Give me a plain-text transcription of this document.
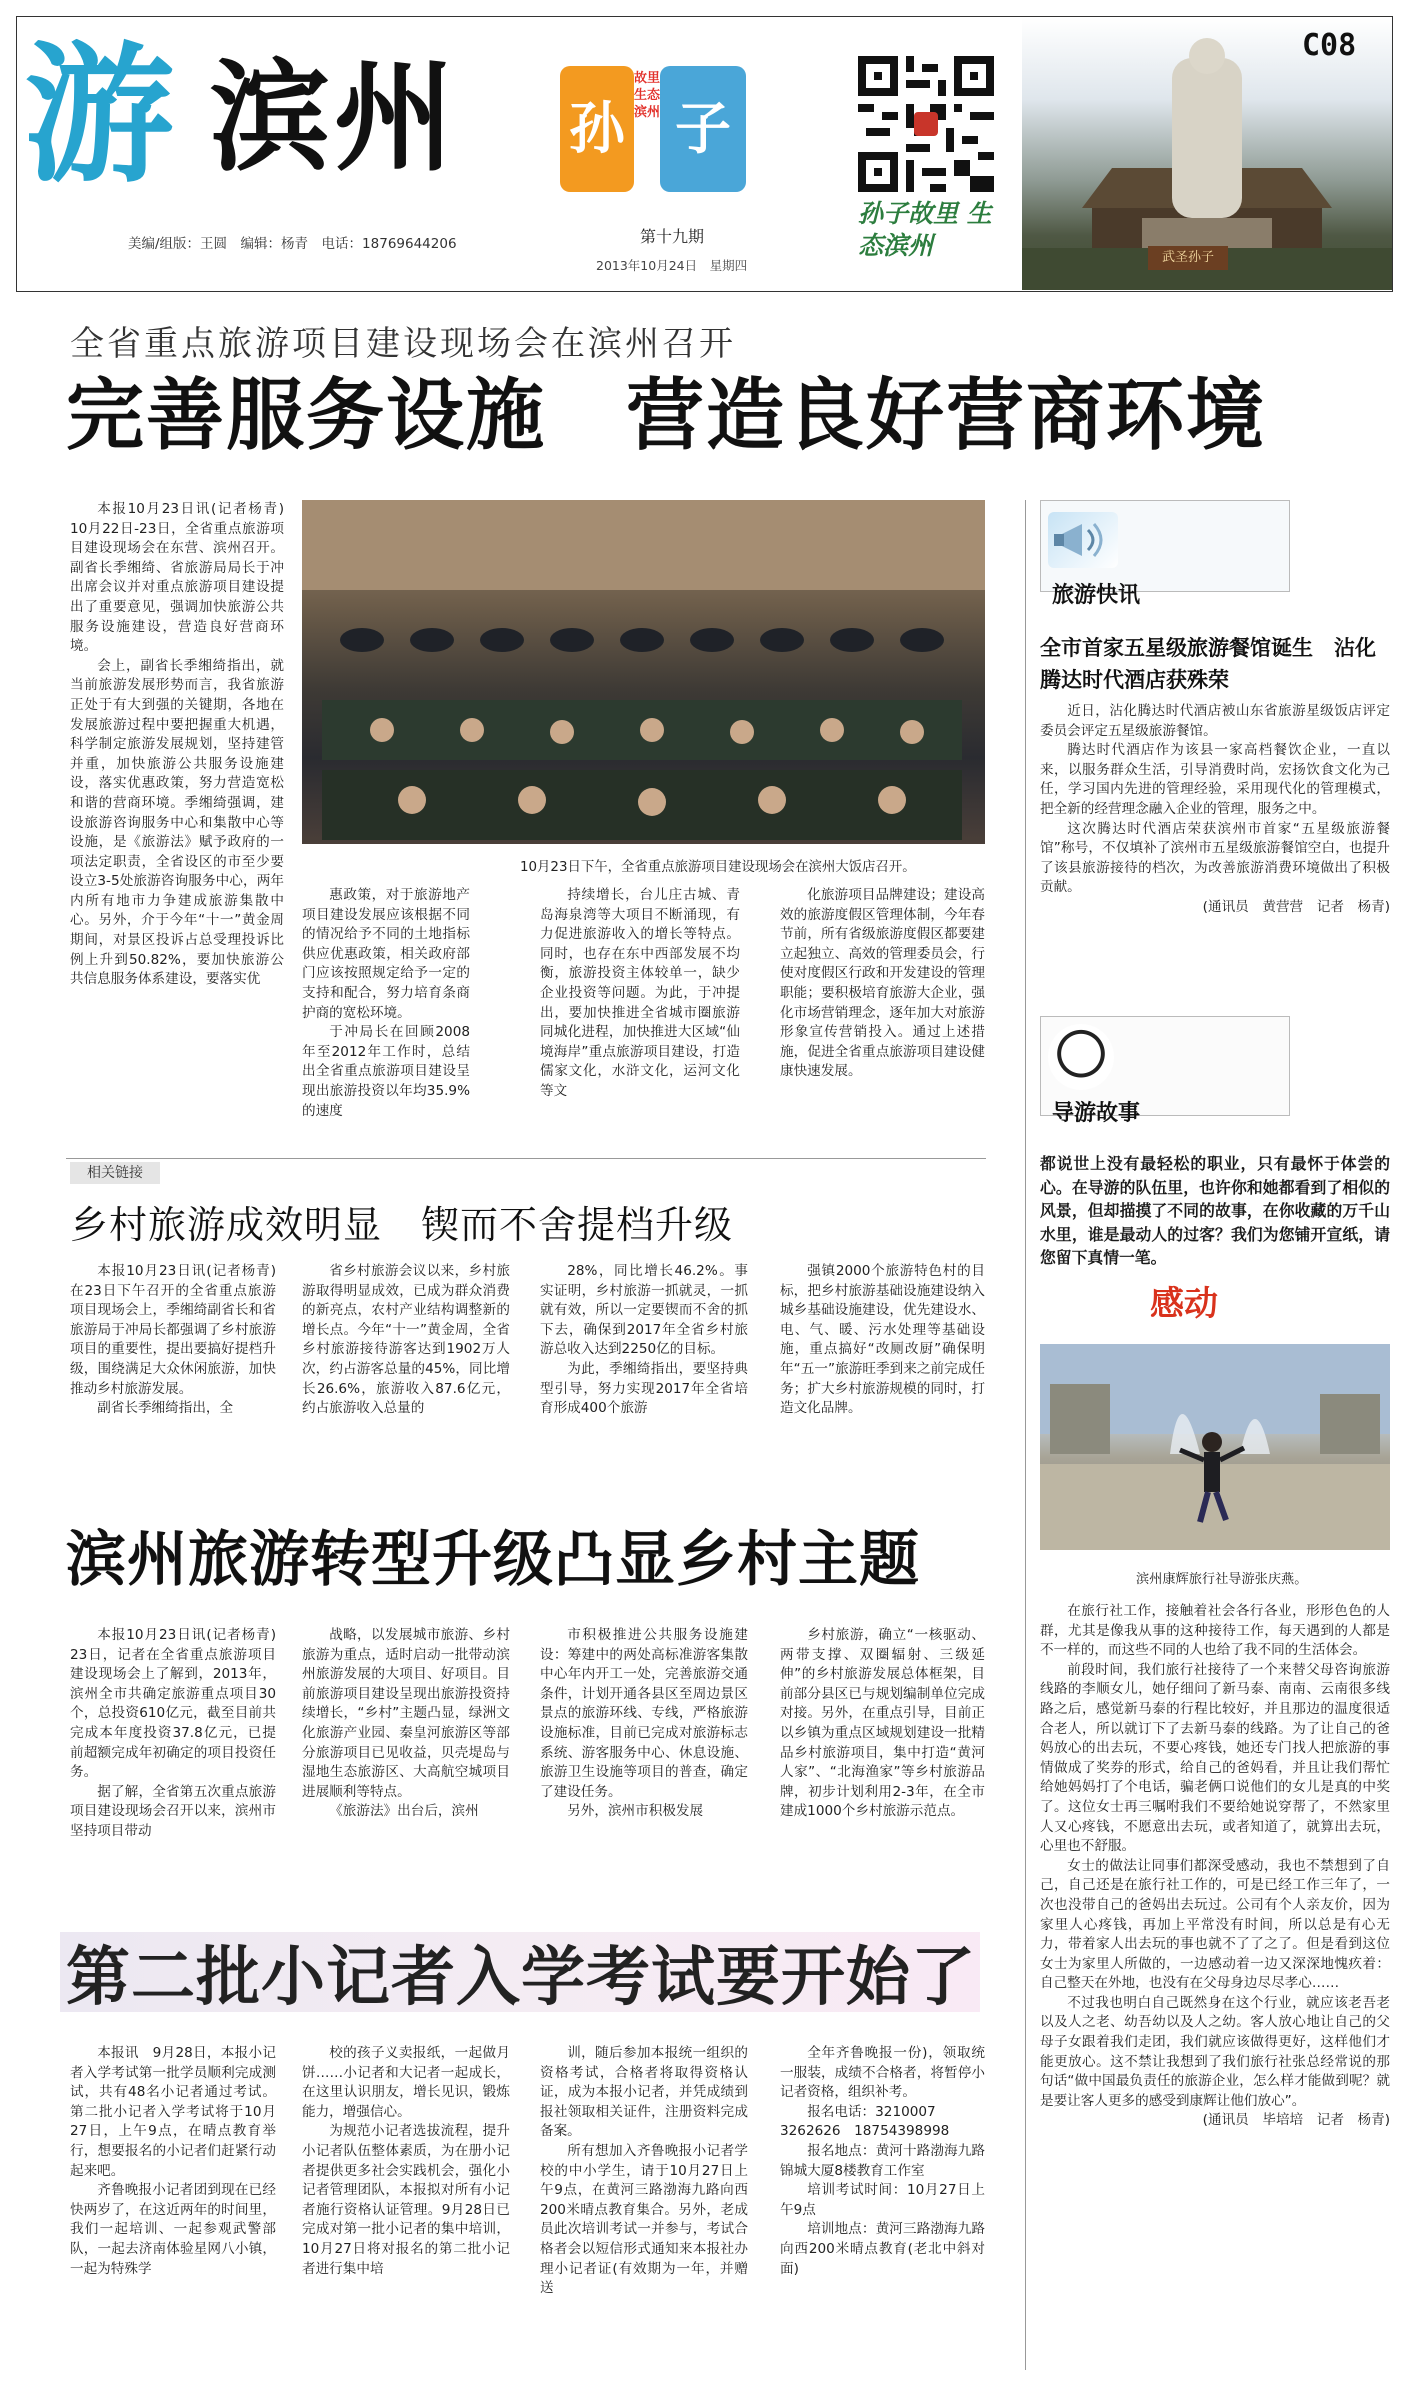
游 滨州
美编/组版：王圆　编辑：杨青　电话：18769644206
孙
故里生态滨州 子
第十九期
2013年10月24日　星期四
孙子故里 生态滨州
C08
武圣孙子
全省重点旅游项目建设现场会在滨州召开
完善服务设施　营造良好营商环境

本报10月23日讯(记者杨青)　10月22日-23日，全省重点旅游项目建设现场会在东营、滨州召开。副省长季缃绮、省旅游局局长于冲出席会议并对重点旅游项目建设提出了重要意见，强调加快旅游公共服务设施建设，营造良好营商环境。

会上，副省长季缃绮指出，就当前旅游发展形势而言，我省旅游正处于有大到强的关键期，各地在发展旅游过程中要把握重大机遇，科学制定旅游发展规划，坚持建管并重，加快旅游公共服务设施建设，落实优惠政策，努力营造宽松和谐的营商环境。季缃绮强调，建设旅游咨询服务中心和集散中心等设施，是《旅游法》赋予政府的一项法定职责，全省设区的市至少要设立3-5处旅游咨询服务中心，两年内所有地市力争建成旅游集散中心。另外，介于今年“十一”黄金周期间，对景区投诉占总受理投诉比例上升到50.82%，要加快旅游公共信息服务体系建设，要落实优

10月23日下午，全省重点旅游项目建设现场会在滨州大饭店召开。

惠政策，对于旅游地产项目建设发展应该根据不同的情况给予不同的土地指标供应优惠政策，相关政府部门应该按照规定给予一定的支持和配合，努力培育条商护商的宽松环境。

于冲局长在回顾2008年至2012年工作时，总结出全省重点旅游项目建设呈现出旅游投资以年均35.9%的速度

持续增长，台儿庄古城、青岛海泉湾等大项目不断涌现，有力促进旅游收入的增长等特点。同时，也存在东中西部发展不均衡，旅游投资主体较单一，缺少企业投资等问题。为此，于冲提出，要加快推进全省城市圈旅游同城化进程，加快推进大区域“仙境海岸”重点旅游项目建设，打造儒家文化，水浒文化，运河文化等文

化旅游项目品牌建设；建设高效的旅游度假区管理体制，今年春节前，所有省级旅游度假区都要建立起独立、高效的管理委员会，行使对度假区行政和开发建设的管理职能；要积极培育旅游大企业，强化市场营销理念，逐年加大对旅游形象宣传营销投入。通过上述措施，促进全省重点旅游项目建设健康快速发展。

相关链接
乡村旅游成效明显　锲而不舍提档升级

本报10月23日讯(记者杨青)　在23日下午召开的全省重点旅游项目现场会上，季缃绮副省长和省旅游局于冲局长都强调了乡村旅游项目的重要性，提出要搞好提档升级，围绕满足大众休闲旅游，加快推动乡村旅游发展。

副省长季缃绮指出，全

省乡村旅游会议以来，乡村旅游取得明显成效，已成为群众消费的新亮点，农村产业结构调整新的增长点。今年“十一”黄金周，全省乡村旅游接待游客达到1902万人次，约占游客总量的45%，同比增长26.6%，旅游收入87.6亿元，约占旅游收入总量的

28%，同比增长46.2%。事实证明，乡村旅游一抓就灵，一抓就有效，所以一定要锲而不舍的抓下去，确保到2017年全省乡村旅游总收入达到2250亿的目标。

为此，季缃绮指出，要坚持典型引导，努力实现2017年全省培育形成400个旅游

强镇2000个旅游特色村的目标，把乡村旅游基础设施建设纳入城乡基础设施建设，优先建设水、电、气、暖、污水处理等基础设施，重点搞好“改厕改厨”确保明年“五一”旅游旺季到来之前完成任务；扩大乡村旅游规模的同时，打造文化品牌。

滨州旅游转型升级凸显乡村主题

本报10月23日讯(记者杨青)　23日，记者在全省重点旅游项目建设现场会上了解到，2013年，滨州全市共确定旅游重点项目30个，总投资610亿元，截至目前共完成本年度投资37.8亿元，已提前超额完成年初确定的项目投资任务。

据了解，全省第五次重点旅游项目建设现场会召开以来，滨州市坚持项目带动

战略，以发展城市旅游、乡村旅游为重点，适时启动一批带动滨州旅游发展的大项目、好项目。目前旅游项目建设呈现出旅游投资持续增长，“乡村”主题凸显，绿洲文化旅游产业园、秦皇河旅游区等部分旅游项目已见收益，贝壳堤岛与湿地生态旅游区、大高航空城项目进展顺利等特点。

《旅游法》出台后，滨州

市积极推进公共服务设施建设：筹建中的两处高标准游客集散中心年内开工一处，完善旅游交通条件，计划开通各县区至周边景区景点的旅游环线、专线，严格旅游设施标准，目前已完成对旅游标志系统、游客服务中心、休息设施、旅游卫生设施等项目的普查，确定了建设任务。

另外，滨州市积极发展

乡村旅游，确立“一核驱动、两带支撑、双圈辐射、三级延伸”的乡村旅游发展总体框架，目前部分县区已与规划编制单位完成对接。另外，在重点引导，目前正以乡镇为重点区域规划建设一批精品乡村旅游项目，集中打造“黄河人家”、“北海渔家”等乡村旅游品牌，初步计划利用2-3年，在全市建成1000个乡村旅游示范点。

第二批小记者入学考试要开始了

本报讯　9月28日，本报小记者入学考试第一批学员顺利完成测试，共有48名小记者通过考试。第二批小记者入学考试将于10月27日，上午9点，在晴点教育举行，想要报名的小记者们赶紧行动起来吧。

齐鲁晚报小记者团到现在已经快两岁了，在这近两年的时间里，我们一起培训、一起参观武警部队，一起去济南体验星网八小镇，一起为特殊学

校的孩子义卖报纸，一起做月饼……小记者和大记者一起成长，在这里认识朋友，增长见识，锻炼能力，增强信心。

为规范小记者选拔流程，提升小记者队伍整体素质，为在册小记者提供更多社会实践机会，强化小记者管理团队，本报拟对所有小记者施行资格认证管理。9月28日已完成对第一批小记者的集中培训，10月27日将对报名的第二批小记者进行集中培

训，随后参加本报统一组织的资格考试，合格者将取得资格认证，成为本报小记者，并凭成绩到报社领取相关证件，注册资料完成备案。

所有想加入齐鲁晚报小记者学校的中小学生，请于10月27日上午9点，在黄河三路渤海九路向西200米晴点教育集合。另外，老成员此次培训考试一并参与，考试合格者会以短信形式通知来本报社办理小记者证(有效期为一年，并赠送

全年齐鲁晚报一份)，领取统一服装，成绩不合格者，将暂停小记者资格，组织补考。

报名电话：3210007

3262626　18754398998

报名地点：黄河十路渤海九路锦城大厦8楼教育工作室

培训考试时间：10月27日上午9点

培训地点：黄河三路渤海九路向西200米晴点教育(老北中斜对面)

旅游快讯
全市首家五星级旅游餐馆诞生　沾化腾达时代酒店获殊荣

近日，沾化腾达时代酒店被山东省旅游星级饭店评定委员会评定五星级旅游餐馆。

腾达时代酒店作为该县一家高档餐饮企业，一直以来，以服务群众生活，引导消费时尚，宏扬饮食文化为己任，学习国内先进的管理经验，采用现代化的管理模式，把全新的经营理念融入企业的管理，服务之中。

这次腾达时代酒店荣获滨州市首家“五星级旅游餐馆”称号，不仅填补了滨州市五星级旅游餐馆空白，也提升了该县旅游接待的档次，为改善旅游消费环境做出了积极贡献。

(通讯员　黄营营　记者　杨青)

导游故事
都说世上没有最轻松的职业，只有最怀于体尝的心。在导游的队伍里，也许你和她都看到了相似的风景，但却描摸了不同的故事，在你收藏的万千山水里，谁是最动人的过客？我们为您铺开宣纸，请您留下真情一笔。
感动
滨州康辉旅行社导游张庆燕。

在旅行社工作，接触着社会各行各业，形形色色的人群，尤其是像我从事的这种接待工作，每天遇到的人都是不一样的，而这些不同的人也给了我不同的生活体会。

前段时间，我们旅行社接待了一个来替父母咨询旅游线路的李顺女儿，她仔细问了新马泰、南南、云南很多线路之后，感觉新马泰的行程比较好，并且那边的温度很适合老人，所以就订下了去新马泰的线路。为了让自己的爸妈放心的出去玩，不要心疼钱，她还专门找人把旅游的事情做成了奖券的形式，给自己的爸妈看，并且让我们帮忙给她妈妈打了个电话，骗老俩口说他们的女儿是真的中奖了。这位女士再三嘱咐我们不要给她说穿帮了，不然家里人又心疼钱，不愿意出去玩，或者知道了，就算出去玩，心里也不舒服。

女士的做法让同事们都深受感动，我也不禁想到了自己，自己还是在旅行社工作的，可是已经工作三年了，一次也没带自己的爸妈出去玩过。公司有个人亲友价，因为家里人心疼钱，再加上平常没有时间，所以总是有心无力，带着家人出去玩的事也就不了了之了。但是看到这位女士为家里人所做的，一边感动着一边又深深地愧疚着：自己整天在外地，也没有在父母身边尽尽孝心……

不过我也明白自己既然身在这个行业，就应该老吾老以及人之老、幼吾幼以及人之幼。客人放心地让自己的父母子女跟着我们走团，我们就应该做得更好，这样他们才能更放心。这不禁让我想到了我们旅行社张总经常说的那句话“做中国最负责任的旅游企业，怎么样才能做到呢？就是要让客人更多的感受到康辉让他们放心”。

(通讯员　毕培培　记者　杨青)
